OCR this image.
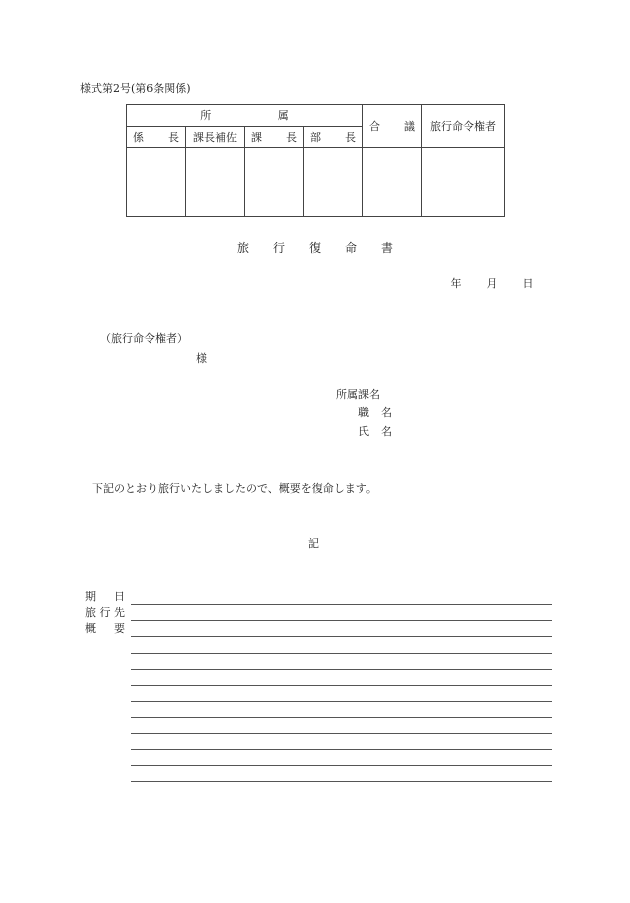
様式第2号(第6条関係)
所 属				合 議	旅行命令権者

係 長	課長補佐	課 長	部 長		

旅	行	復	命	書
年	月	日
（旅行命令権者）
様
所属課名
職 名
氏 名
下記のとおり旅行いたしましたので、概要を復命します。
記
期 日
旅 行 先
概 要
